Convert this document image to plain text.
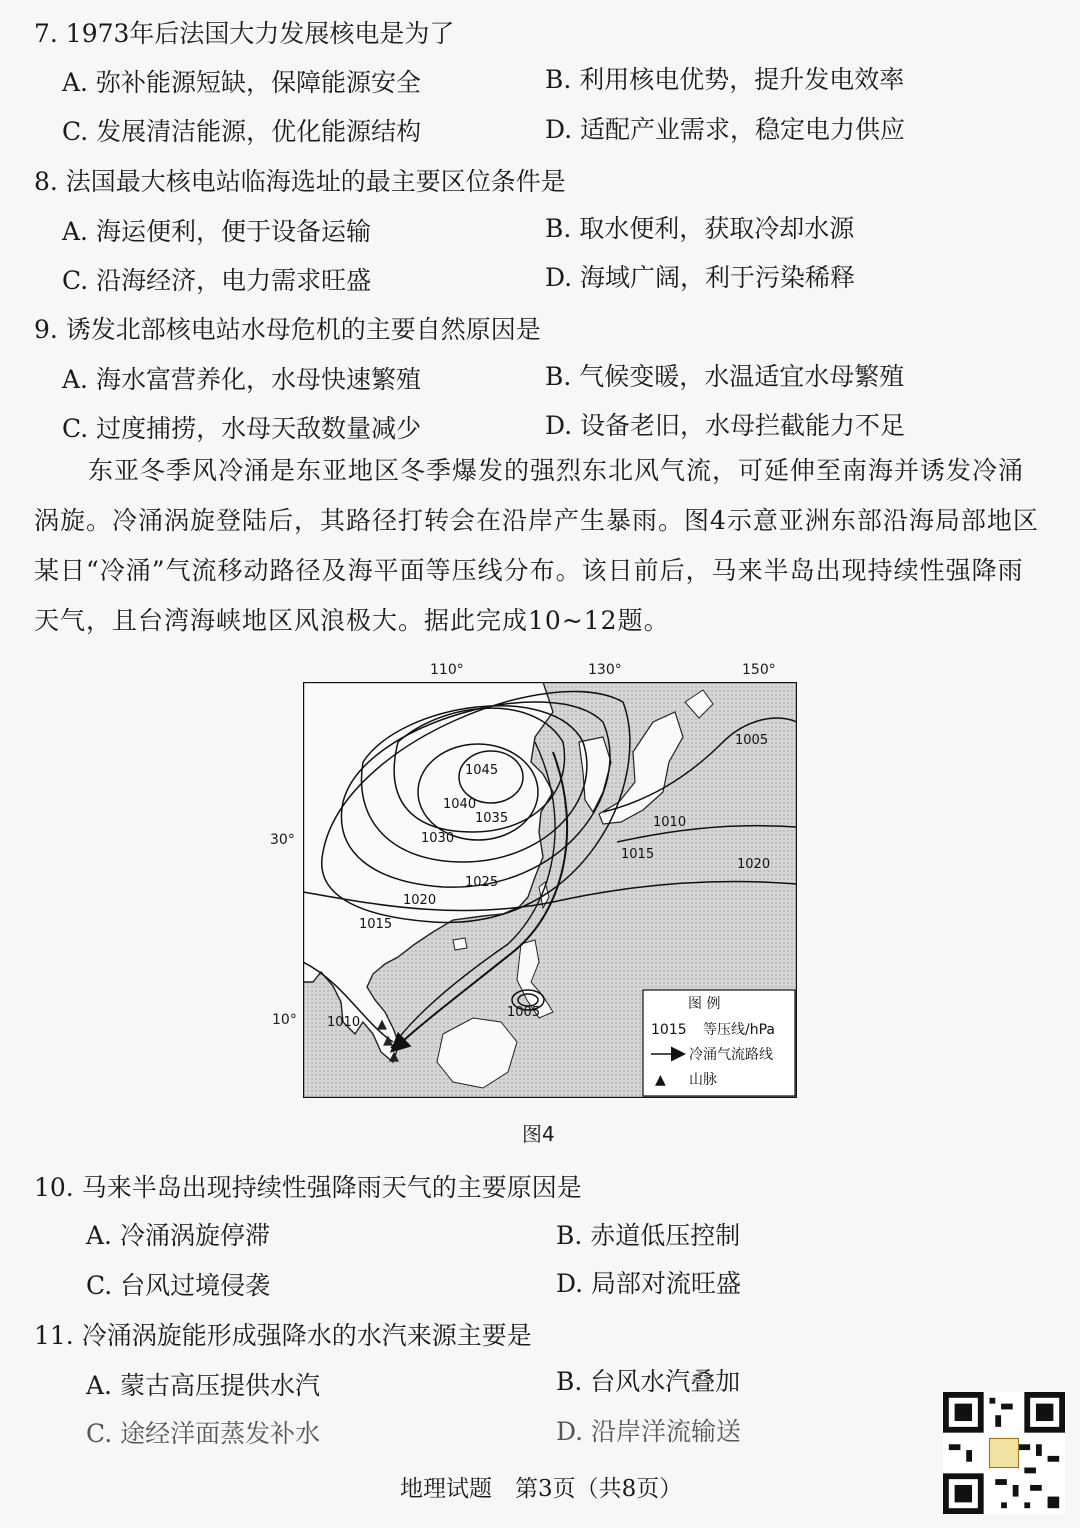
7. 1973年后法国大力发展核电是为了
A. 弥补能源短缺，保障能源安全	B. 利用核电优势，提升发电效率
C. 发展清洁能源，优化能源结构	D. 适配产业需求，稳定电力供应
8. 法国最大核电站临海选址的最主要区位条件是
A. 海运便利，便于设备运输	B. 取水便利，获取冷却水源
C. 沿海经济，电力需求旺盛	D. 海域广阔，利于污染稀释
9. 诱发北部核电站水母危机的主要自然原因是
A. 海水富营养化，水母快速繁殖	B. 气候变暖，水温适宜水母繁殖
C. 过度捕捞，水母天敌数量减少	D. 设备老旧，水母拦截能力不足
东亚冬季风冷涌是东亚地区冬季爆发的强烈东北风气流，可延伸至南海并诱发冷涌涡旋。冷涌涡旋登陆后，其路径打转会在沿岸产生暴雨。图4示意亚洲东部沿海局部地区某日“冷涌”气流移动路径及海平面等压线分布。该日前后，马来半岛出现持续性强降雨天气，且台湾海峡地区风浪极大。据此完成10~12题。
▲
▲
▲
1045
1040
1035
1030
1025
1020
1015
1010
1005
1010
1015
1020
1005
图 例
1015 等压线/hPa
冷涌气流路线
▲ 山脉
110°	130°	150°
30°
10°
图4
10. 马来半岛出现持续性强降雨天气的主要原因是
A. 冷涌涡旋停滞	B. 赤道低压控制
C. 台风过境侵袭	D. 局部对流旺盛
11. 冷涌涡旋能形成强降水的水汽来源主要是
A. 蒙古高压提供水汽	B. 台风水汽叠加
C. 途经洋面蒸发补水	D. 沿岸洋流输送
地理试题　第3页（共8页）
